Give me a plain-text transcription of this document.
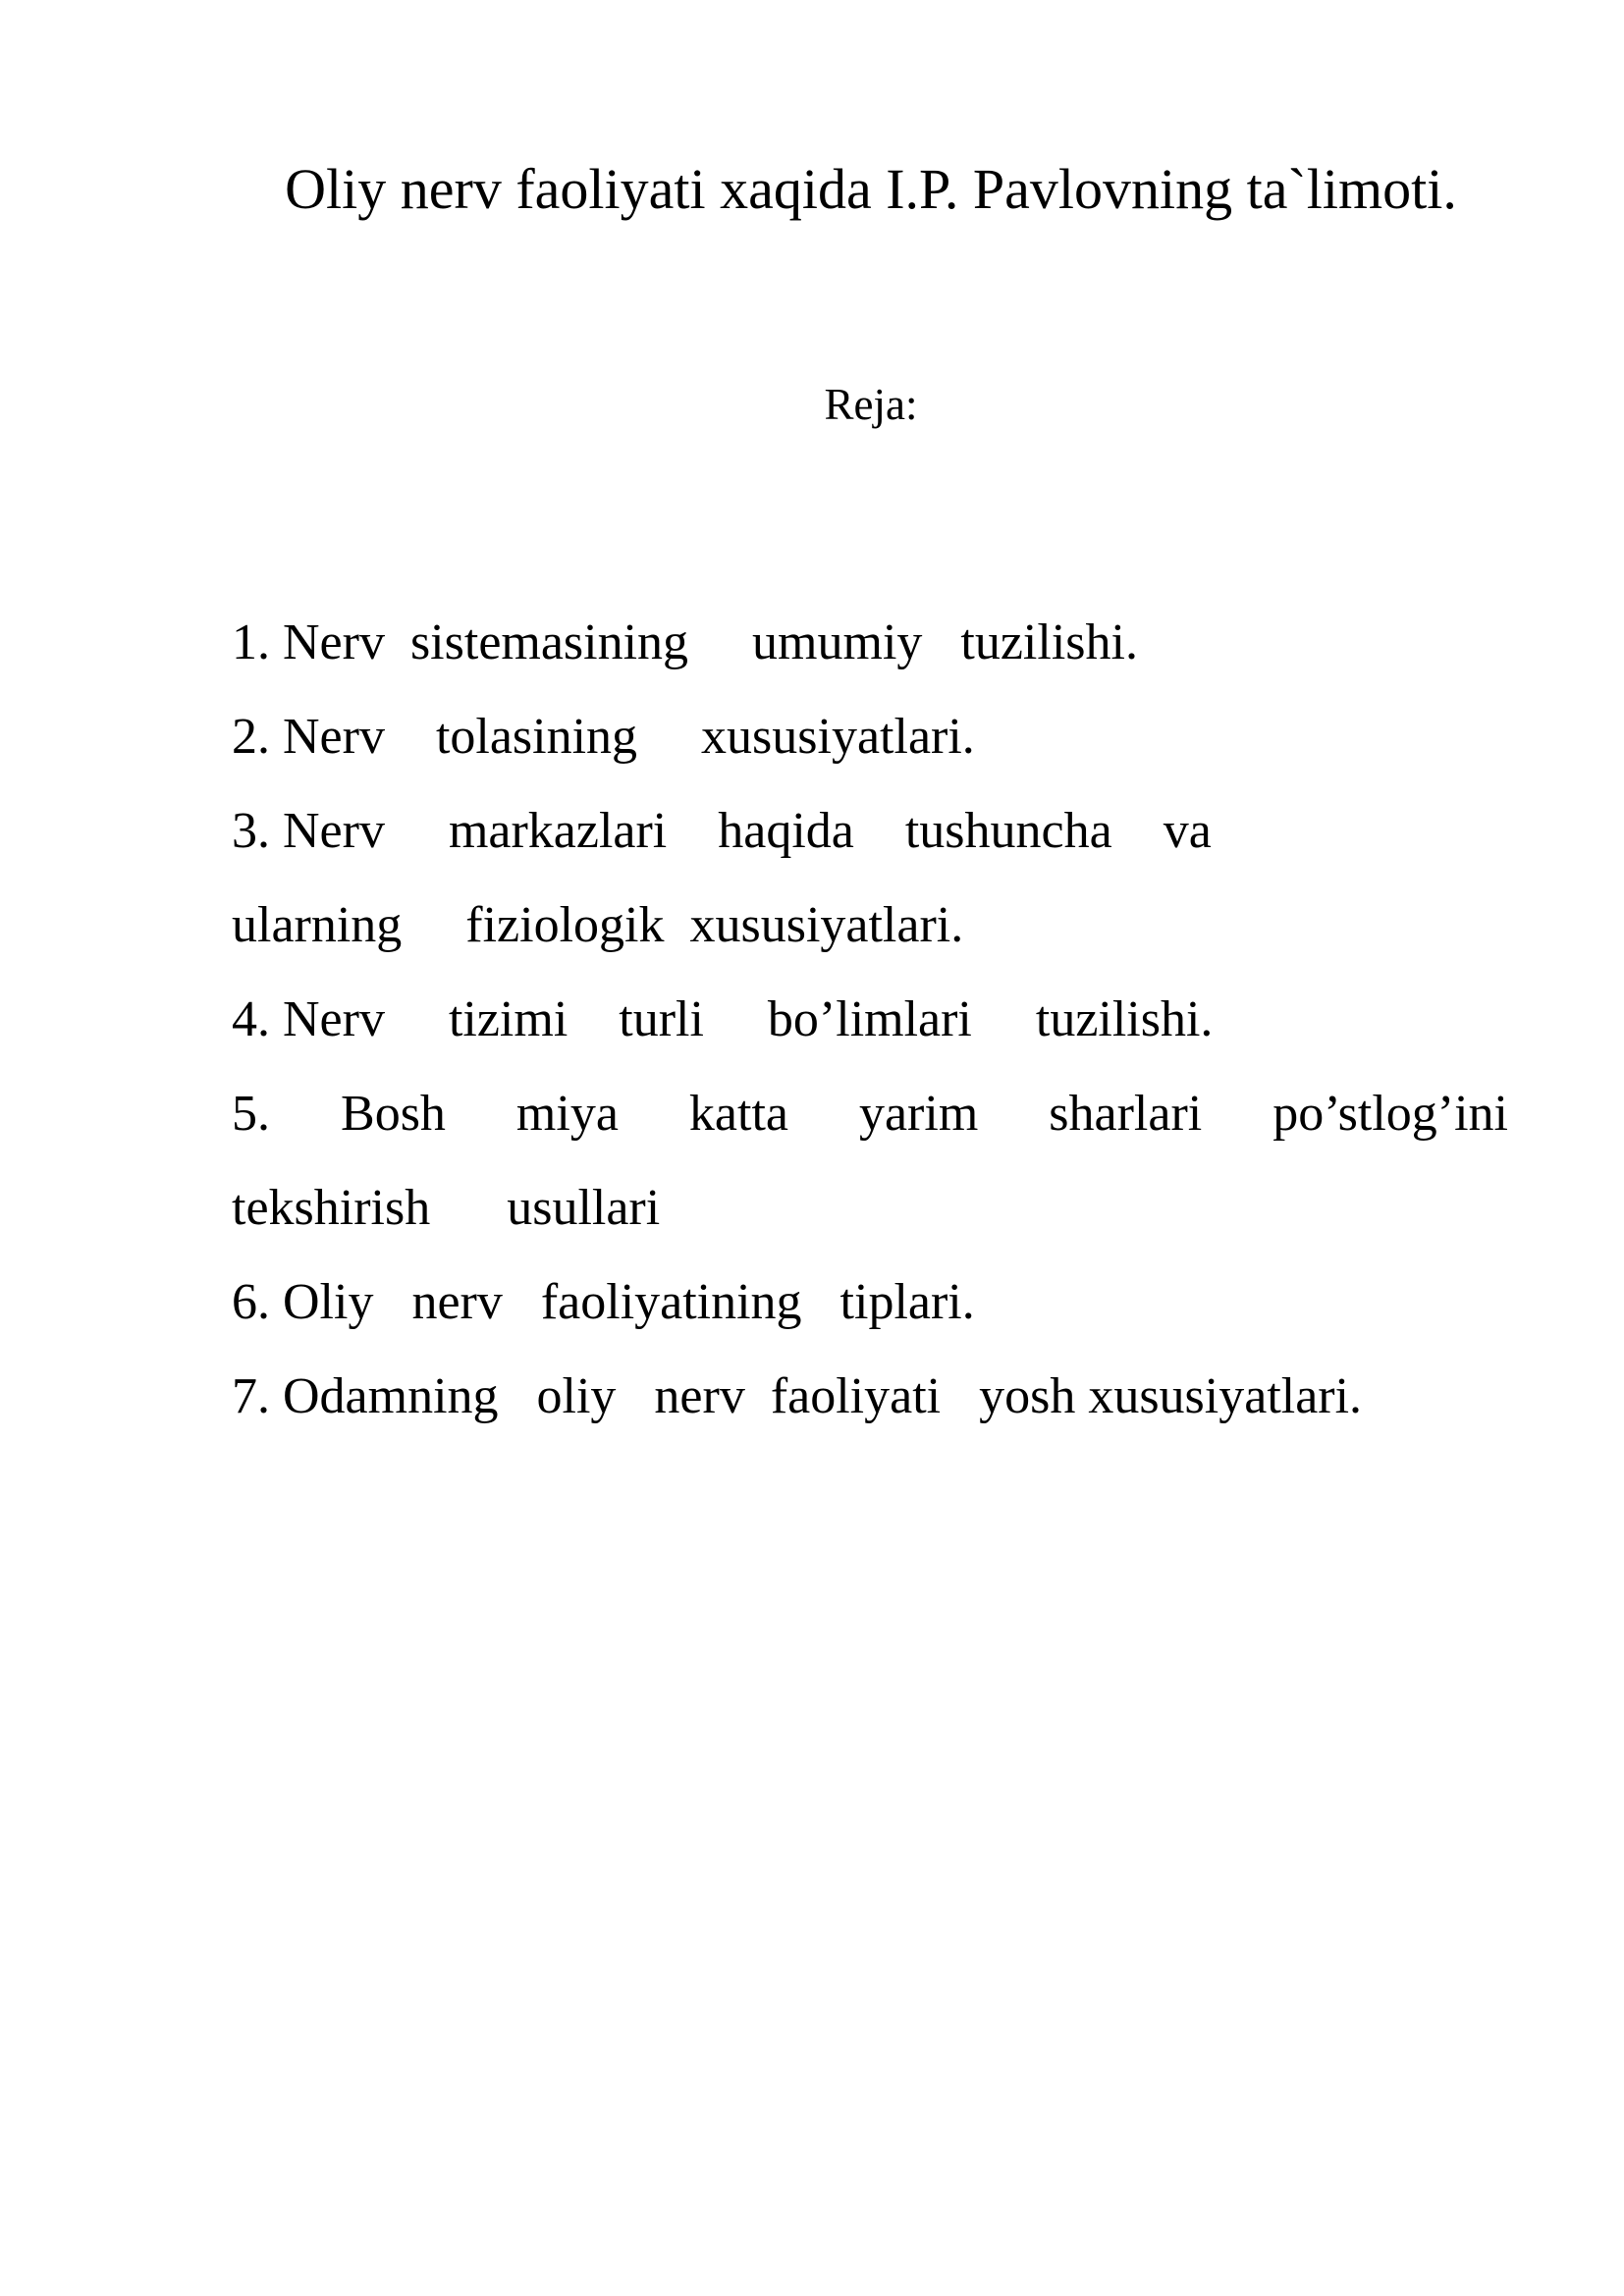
Oliy nerv faoliyati xaqida I.P. Pavlovning ta`limoti.
Reja:
1. Nerv  sistemasining     umumiy   tuzilishi.
2. Nerv    tolasining     xususiyatlari.
3. Nerv     markazlari    haqida    tushuncha    va
ularning     fiziologik  xususiyatlari.
4. Nerv     tizimi    turli     bo’limlari     tuzilishi.
5. Bosh miya katta yarim sharlari po’stlog’ini
tekshirish      usullari
6. Oliy   nerv   faoliyatining   tiplari.
7. Odamning   oliy   nerv  faoliyati   yosh xususiyatlari.
